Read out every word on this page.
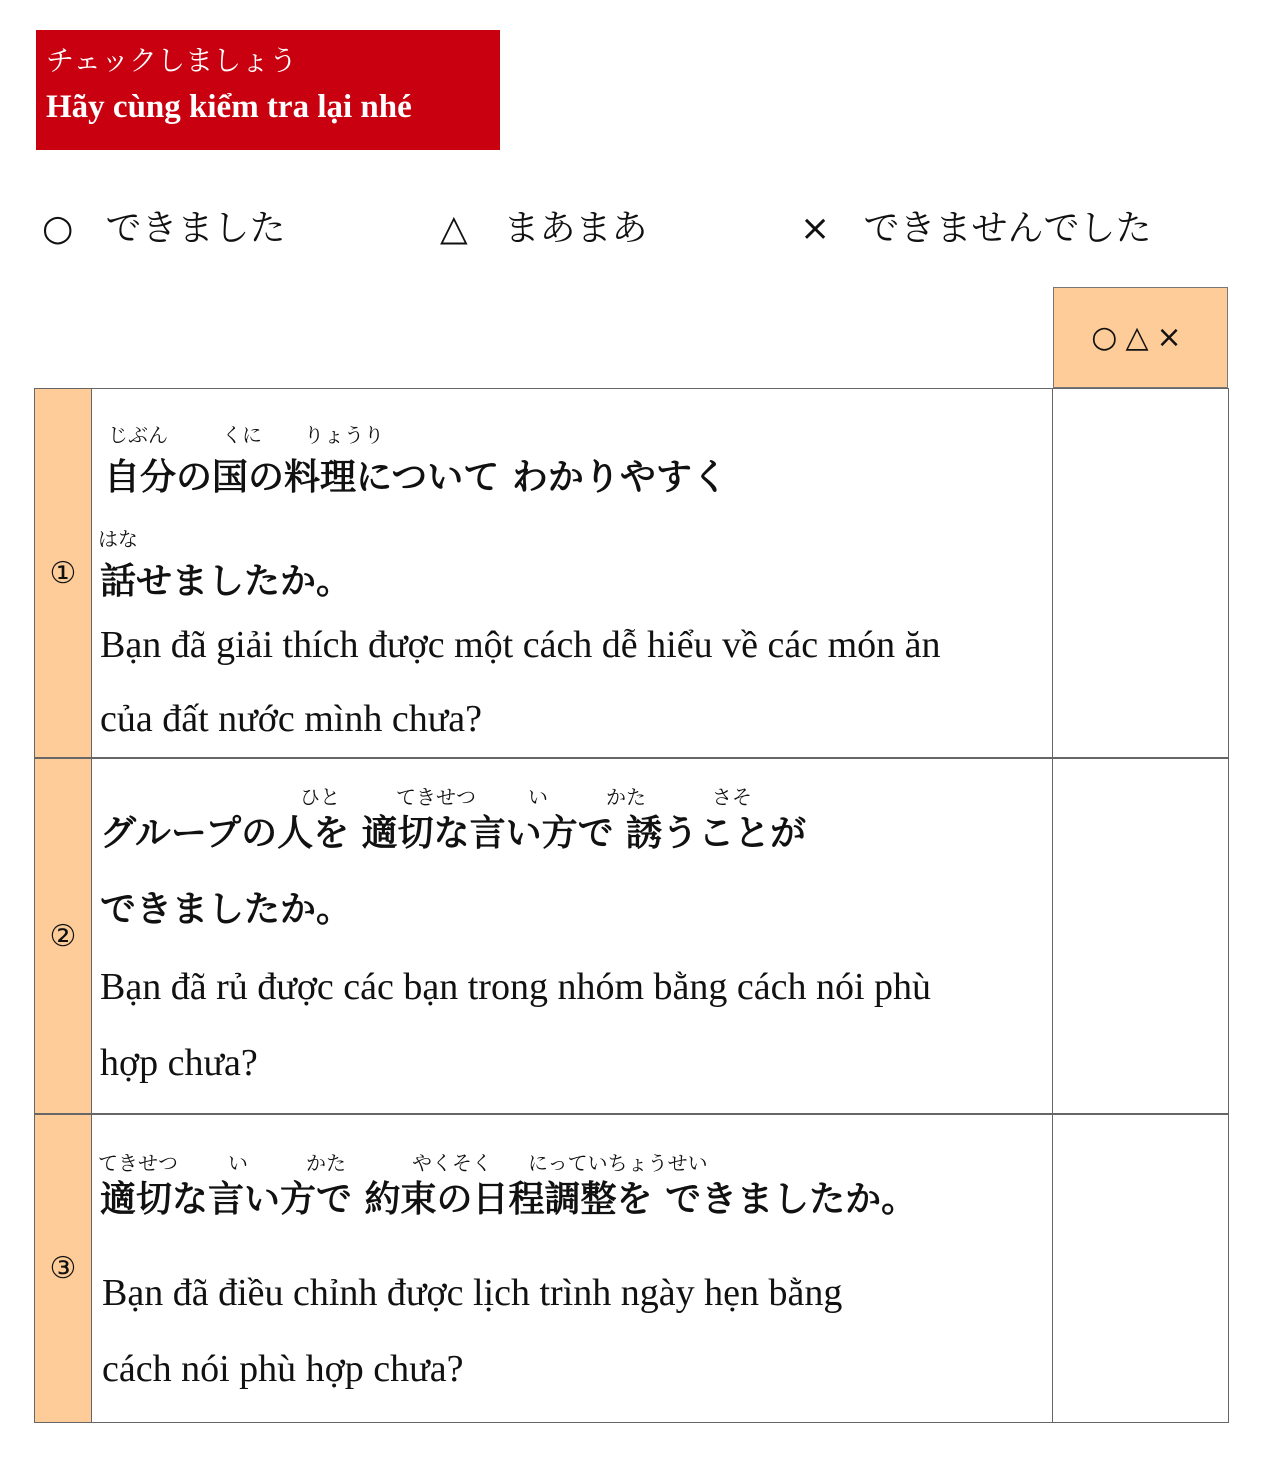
チェックしましょう
Hãy cùng kiểm tra lại nhé
○ できました	△ まあまあ	× できませんでした
○△×
①
じぶん	くに りょうり
自分の国の料理について わかりやすく
はな
話せましたか。
Bạn đã giải thích được một cách dễ hiểu về các món ăn
của đất nước mình chưa?
②
ひと	てきせつ	い	かた	さそ
グループの人を 適切な言い方で 誘うことが
できましたか。
Bạn đã rủ được các bạn trong nhóm bằng cách nói phù
hợp chưa?
③
てきせつ	い	かた	やくそく にっていちょうせい
適切な言い方で 約束の日程調整を できましたか。
Bạn đã điều chỉnh được lịch trình ngày hẹn bằng
cách nói phù hợp chưa?
